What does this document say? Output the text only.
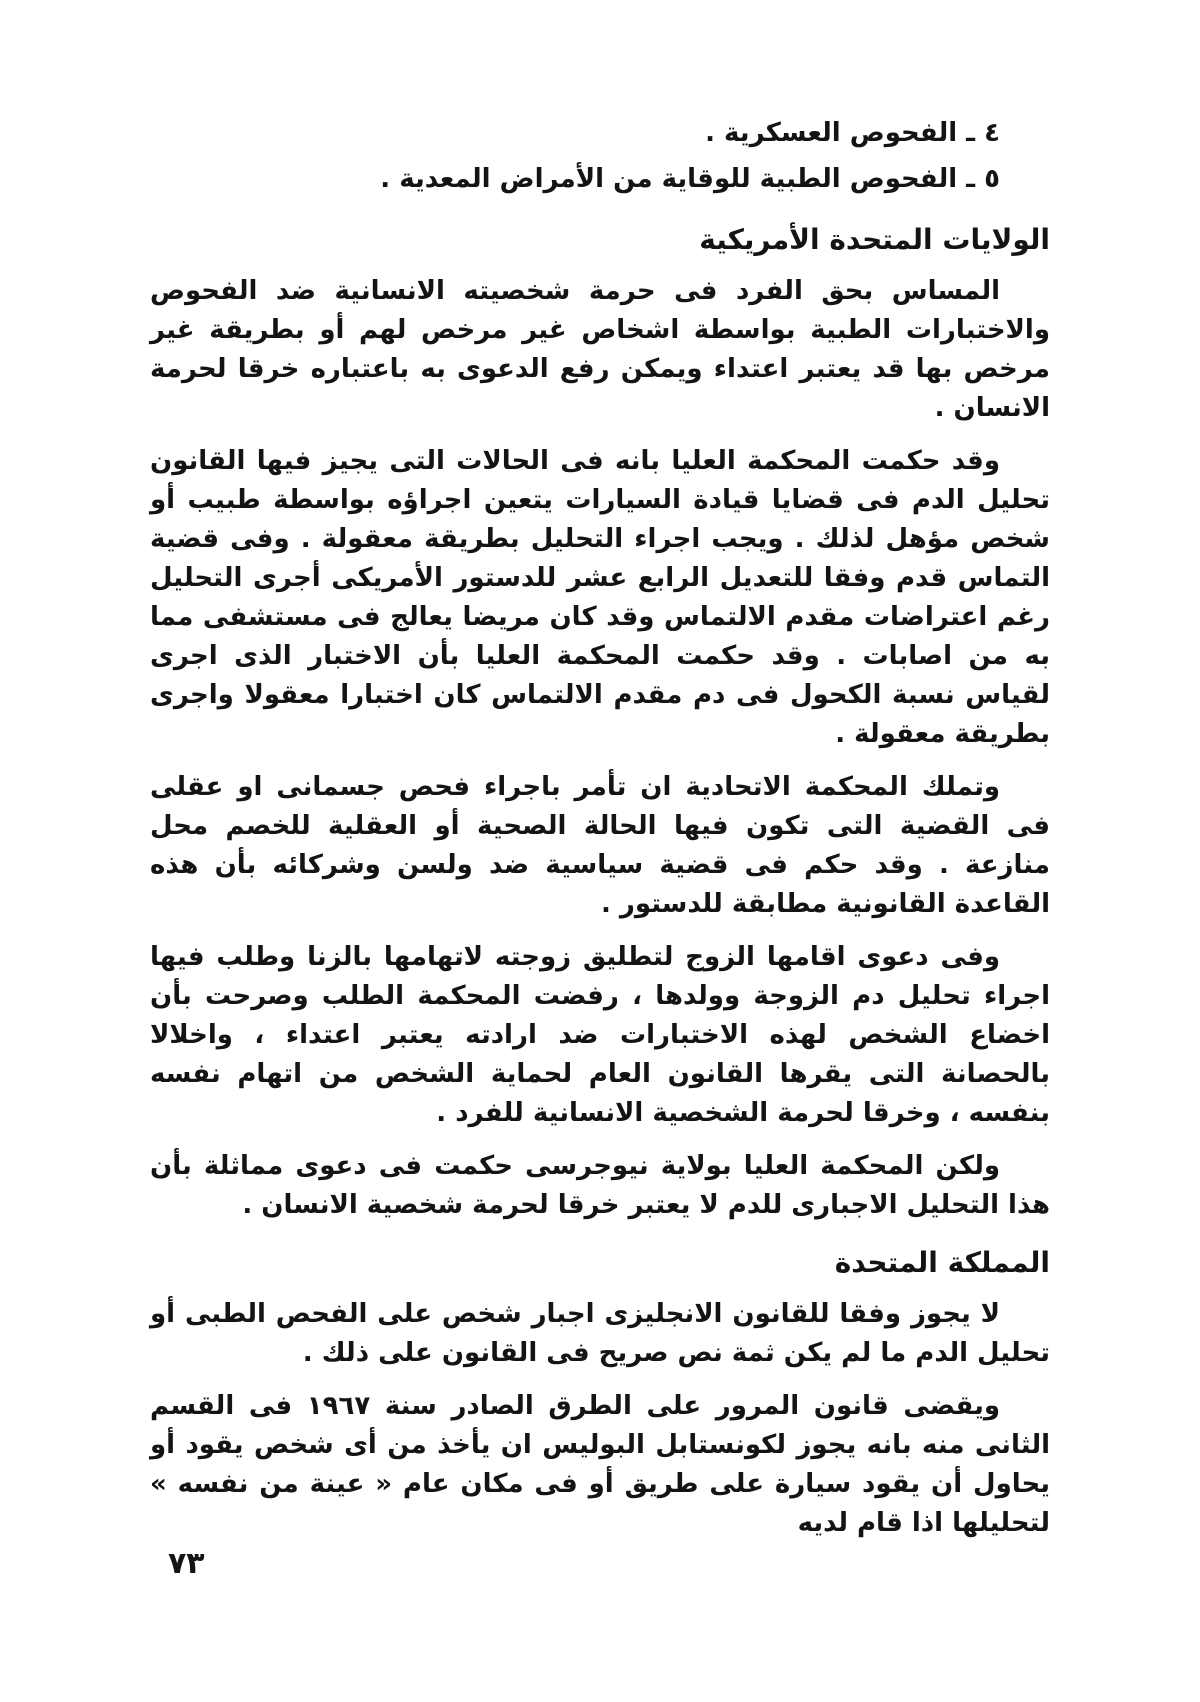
٤ ـ الفحوص العسكرية .

٥ ـ الفحوص الطبية للوقاية من الأمراض المعدية .

الولايات المتحدة الأمريكية

المساس بحق الفرد فى حرمة شخصيته الانسانية ضد الفحوص والاختبارات الطبية بواسطة اشخاص غير مرخص لهم أو بطريقة غير مرخص بها قد يعتبر اعتداء ويمكن رفع الدعوى به باعتباره خرقا لحرمة الانسان .

وقد حكمت المحكمة العليا بانه فى الحالات التى يجيز فيها القانون تحليل الدم فى قضايا قيادة السيارات يتعين اجراؤه بواسطة طبيب أو شخص مؤهل لذلك . ويجب اجراء التحليل بطريقة معقولة . وفى قضية التماس قدم وفقا للتعديل الرابع عشر للدستور الأمريكى أجرى التحليل رغم اعتراضات مقدم الالتماس وقد كان مريضا يعالج فى مستشفى مما به من اصابات . وقد حكمت المحكمة العليا بأن الاختبار الذى اجرى لقياس نسبة الكحول فى دم مقدم الالتماس كان اختبارا معقولا واجرى بطريقة معقولة .

وتملك المحكمة الاتحادية ان تأمر باجراء فحص جسمانى او عقلى فى القضية التى تكون فيها الحالة الصحية أو العقلية للخصم محل منازعة . وقد حكم فى قضية سياسية ضد ولسن وشركائه بأن هذه القاعدة القانونية مطابقة للدستور .

وفى دعوى اقامها الزوج لتطليق زوجته لاتهامها بالزنا وطلب فيها اجراء تحليل دم الزوجة وولدها ، رفضت المحكمة الطلب وصرحت بأن اخضاع الشخص لهذه الاختبارات ضد ارادته يعتبر اعتداء ، واخلالا بالحصانة التى يقرها القانون العام لحماية الشخص من اتهام نفسه بنفسه ، وخرقا لحرمة الشخصية الانسانية للفرد .

ولكن المحكمة العليا بولاية نيوجرسى حكمت فى دعوى مماثلة بأن هذا التحليل الاجبارى للدم لا يعتبر خرقا لحرمة شخصية الانسان .

المملكة المتحدة

لا يجوز وفقا للقانون الانجليزى اجبار شخص على الفحص الطبى أو تحليل الدم ما لم يكن ثمة نص صريح فى القانون على ذلك .

ويقضى قانون المرور على الطرق الصادر سنة ١٩٦٧ فى القسم الثانى منه بانه يجوز لكونستابل البوليس ان يأخذ من أى شخص يقود أو يحاول أن يقود سيارة على طريق أو فى مكان عام « عينة من نفسه » لتحليلها اذا قام لديه

٧٣
